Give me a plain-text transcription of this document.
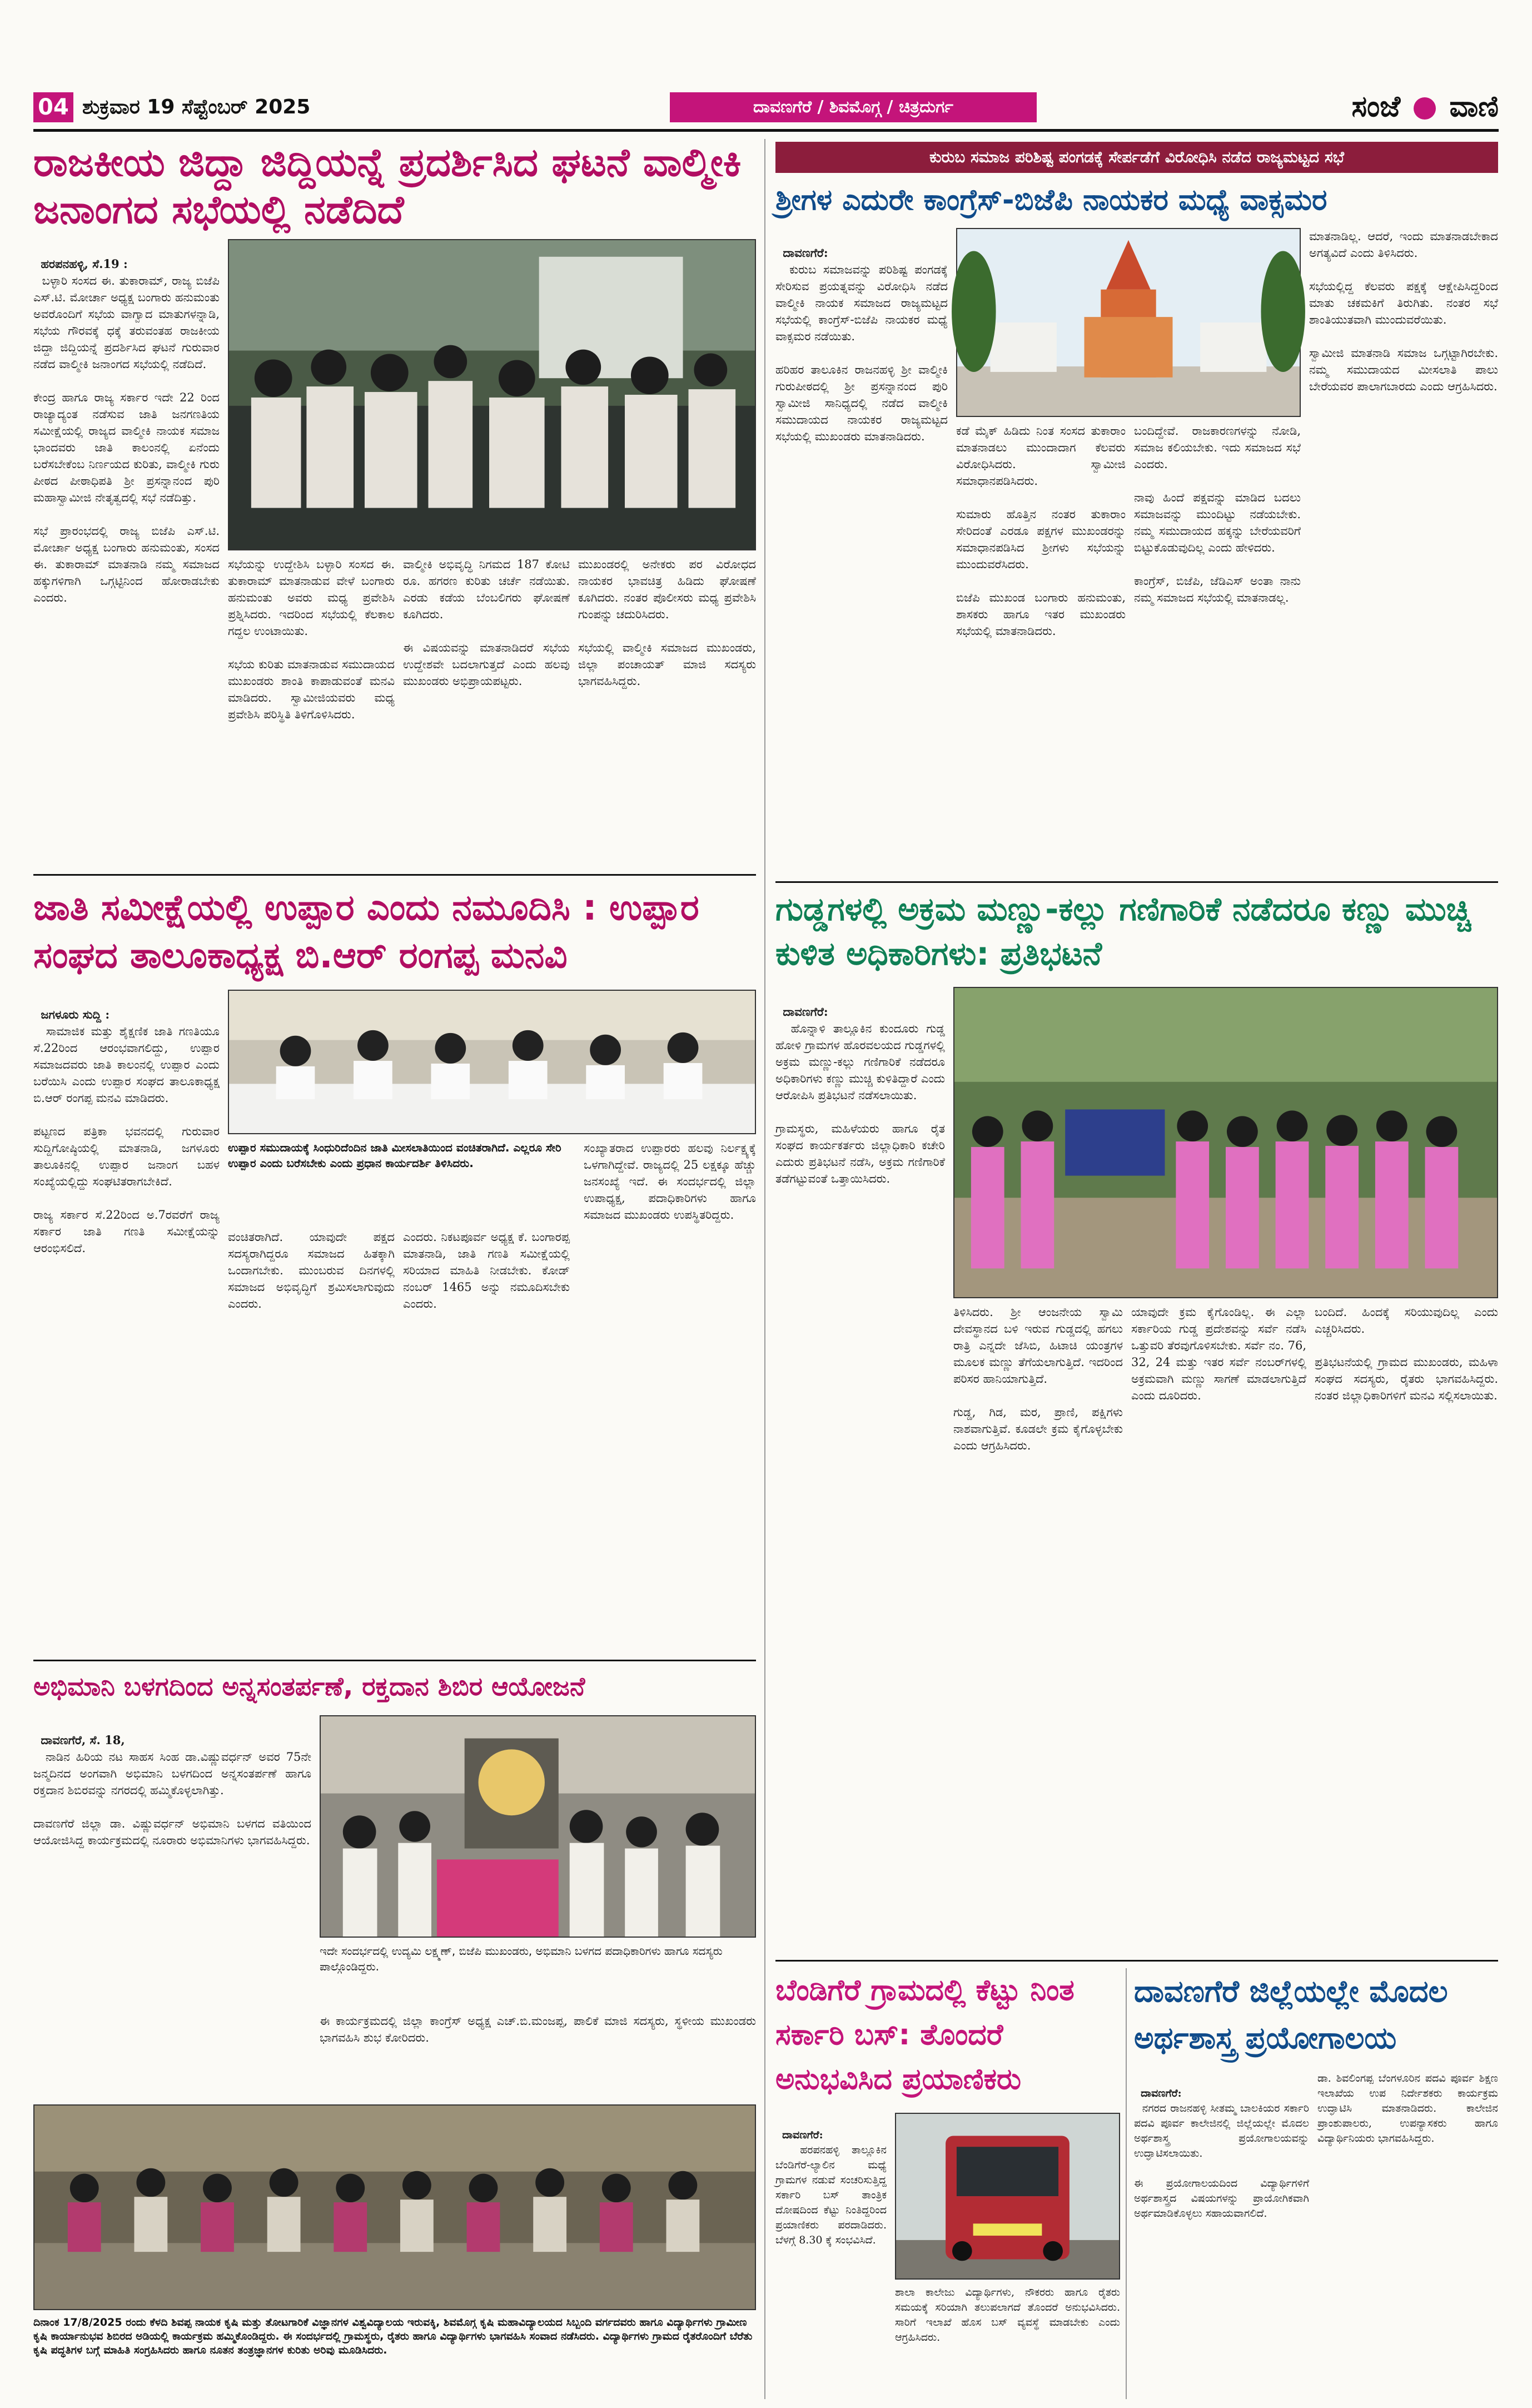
04 ಶುಕ್ರವಾರ 19 ಸೆಪ್ಟೆಂಬರ್ 2025	ದಾವಣಗೆರೆ / ಶಿವಮೊಗ್ಗ / ಚಿತ್ರದುರ್ಗ	ಸಂಜೆ ವಾಣಿ
ರಾಜಕೀಯ ಜಿದ್ದಾ ಜಿದ್ದಿಯನ್ನೆ ಪ್ರದರ್ಶಿಸಿದ ಘಟನೆ ವಾಲ್ಮೀಕಿ ಜನಾಂಗದ ಸಭೆಯಲ್ಲಿ ನಡೆದಿದೆ

ಹರಪನಹಳ್ಳಿ, ಸೆ.19 :
ಬಳ್ಳಾರಿ ಸಂಸದ ಈ. ತುಕಾರಾಮ್, ರಾಜ್ಯ ಬಿಜೆಪಿ ಎಸ್.ಟಿ. ಮೋರ್ಚಾ ಅಧ್ಯಕ್ಷ ಬಂಗಾರು ಹನುಮಂತು ಅವರೊಂದಿಗೆ ಸಭೆಯ ವಾಗ್ವಾದ ಮಾತುಗಳನ್ನಾಡಿ, ಸಭೆಯ ಗೌರವಕ್ಕೆ ಧಕ್ಕೆ ತರುವಂತಹ ರಾಜಕೀಯ ಜಿದ್ದಾ ಜಿದ್ದಿಯನ್ನೆ ಪ್ರದರ್ಶಿಸಿದ ಘಟನೆ ಗುರುವಾರ ನಡೆದ ವಾಲ್ಮೀಕಿ ಜನಾಂಗದ ಸಭೆಯಲ್ಲಿ ನಡೆದಿದೆ.

ಕೇಂದ್ರ ಹಾಗೂ ರಾಜ್ಯ ಸರ್ಕಾರ ಇದೇ 22 ರಿಂದ ರಾಜ್ಯಾದ್ಯಂತ ನಡೆಸುವ ಜಾತಿ ಜನಗಣತಿಯ ಸಮೀಕ್ಷೆಯಲ್ಲಿ ರಾಜ್ಯದ ವಾಲ್ಮೀಕಿ ನಾಯಕ ಸಮಾಜ ಭಾಂದವರು ಜಾತಿ ಕಾಲಂನಲ್ಲಿ ಏನೆಂದು ಬರೆಸಬೇಕೆಂಬ ನಿರ್ಣಯದ ಕುರಿತು, ವಾಲ್ಮೀಕಿ ಗುರು ಪೀಠದ ಪೀಠಾಧಿಪತಿ ಶ್ರೀ ಪ್ರಸನ್ನಾನಂದ ಪುರಿ ಮಹಾಸ್ವಾಮೀಜಿ ನೇತೃತ್ವದಲ್ಲಿ ಸಭೆ ನಡೆದಿತ್ತು.

ಸಭೆ ಪ್ರಾರಂಭದಲ್ಲಿ ರಾಜ್ಯ ಬಿಜೆಪಿ ಎಸ್.ಟಿ. ಮೋರ್ಚಾ ಅಧ್ಯಕ್ಷ ಬಂಗಾರು ಹನುಮಂತು, ಸಂಸದ ಈ. ತುಕಾರಾಮ್ ಮಾತನಾಡಿ ನಮ್ಮ ಸಮಾಜದ ಹಕ್ಕುಗಳಿಗಾಗಿ ಒಗ್ಗಟ್ಟಿನಿಂದ ಹೋರಾಡಬೇಕು ಎಂದರು.

ಸಭೆಯನ್ನು ಉದ್ದೇಶಿಸಿ ಬಳ್ಳಾರಿ ಸಂಸದ ಈ. ತುಕಾರಾಮ್ ಮಾತನಾಡುವ ವೇಳೆ ಬಂಗಾರು ಹನುಮಂತು ಅವರು ಮಧ್ಯ ಪ್ರವೇಶಿಸಿ ಪ್ರಶ್ನಿಸಿದರು. ಇದರಿಂದ ಸಭೆಯಲ್ಲಿ ಕೆಲಕಾಲ ಗದ್ದಲ ಉಂಟಾಯಿತು.

ಸಭೆಯ ಕುರಿತು ಮಾತನಾಡುವ ಸಮುದಾಯದ ಮುಖಂಡರು ಶಾಂತಿ ಕಾಪಾಡುವಂತೆ ಮನವಿ ಮಾಡಿದರು. ಸ್ವಾಮೀಜಿಯವರು ಮಧ್ಯ ಪ್ರವೇಶಿಸಿ ಪರಿಸ್ಥಿತಿ ತಿಳಿಗೊಳಿಸಿದರು.
ವಾಲ್ಮೀಕಿ ಅಭಿವೃದ್ಧಿ ನಿಗಮದ 187 ಕೋಟಿ ರೂ. ಹಗರಣ ಕುರಿತು ಚರ್ಚೆ ನಡೆಯಿತು. ಎರಡು ಕಡೆಯ ಬೆಂಬಲಿಗರು ಘೋಷಣೆ ಕೂಗಿದರು.

ಈ ವಿಷಯವನ್ನು ಮಾತನಾಡಿದರೆ ಸಭೆಯ ಉದ್ದೇಶವೇ ಬದಲಾಗುತ್ತದೆ ಎಂದು ಹಲವು ಮುಖಂಡರು ಅಭಿಪ್ರಾಯಪಟ್ಟರು.
ಮುಖಂಡರಲ್ಲಿ ಅನೇಕರು ಪರ ವಿರೋಧದ ನಾಯಕರ ಭಾವಚಿತ್ರ ಹಿಡಿದು ಘೋಷಣೆ ಕೂಗಿದರು. ನಂತರ ಪೊಲೀಸರು ಮಧ್ಯ ಪ್ರವೇಶಿಸಿ ಗುಂಪನ್ನು ಚದುರಿಸಿದರು.

ಸಭೆಯಲ್ಲಿ ವಾಲ್ಮೀಕಿ ಸಮಾಜದ ಮುಖಂಡರು, ಜಿಲ್ಲಾ ಪಂಚಾಯತ್ ಮಾಜಿ ಸದಸ್ಯರು ಭಾಗವಹಿಸಿದ್ದರು.
ಜಾತಿ ಸಮೀಕ್ಷೆಯಲ್ಲಿ ಉಪ್ಪಾರ ಎಂದು ನಮೂದಿಸಿ : ಉಪ್ಪಾರ ಸಂಘದ ತಾಲೂಕಾಧ್ಯಕ್ಷ ಬಿ.ಆರ್ ರಂಗಪ್ಪ ಮನವಿ

ಜಗಳೂರು ಸುದ್ದಿ :
ಸಾಮಾಜಿಕ ಮತ್ತು ಶೈಕ್ಷಣಿಕ ಜಾತಿ ಗಣತಿಯೂ ಸೆ.22ರಿಂದ ಆರಂಭವಾಗಲಿದ್ದು, ಉಪ್ಪಾರ ಸಮಾಜದವರು ಜಾತಿ ಕಾಲಂನಲ್ಲಿ ಉಪ್ಪಾರ ಎಂದು ಬರೆಯಿಸಿ ಎಂದು ಉಪ್ಪಾರ ಸಂಘದ ತಾಲೂಕಾಧ್ಯಕ್ಷ ಬಿ.ಆರ್ ರಂಗಪ್ಪ ಮನವಿ ಮಾಡಿದರು.

ಪಟ್ಟಣದ ಪತ್ರಿಕಾ ಭವನದಲ್ಲಿ ಗುರುವಾರ ಸುದ್ದಿಗೋಷ್ಠಿಯಲ್ಲಿ ಮಾತನಾಡಿ, ಜಗಳೂರು ತಾಲೂಕಿನಲ್ಲಿ ಉಪ್ಪಾರ ಜನಾಂಗ ಬಹಳ ಸಂಖ್ಯೆಯಲ್ಲಿದ್ದು ಸಂಘಟಿತರಾಗಬೇಕಿದೆ.

ರಾಜ್ಯ ಸರ್ಕಾರ ಸೆ.22ರಿಂದ ಅ.7ರವರೆಗೆ ರಾಜ್ಯ ಸರ್ಕಾರ ಜಾತಿ ಗಣತಿ ಸಮೀಕ್ಷೆಯನ್ನು ಆರಂಭಿಸಲಿದೆ.

ಉಪ್ಪಾರ ಸಮುದಾಯಕ್ಕೆ ಸಿಂಧುರಿದೆಂದಿನ ಜಾತಿ ಮೀಸಲಾತಿಯಿಂದ ವಂಚಿತರಾಗಿದೆ. ಎಲ್ಲರೂ ಸೇರಿ ಉಪ್ಪಾರ ಎಂದು ಬರೆಸಬೇಕು ಎಂದು ಪ್ರಧಾನ ಕಾರ್ಯದರ್ಶಿ ತಿಳಿಸಿದರು.
ವಂಚಿತರಾಗಿದೆ. ಯಾವುದೇ ಪಕ್ಷದ ಸದಸ್ಯರಾಗಿದ್ದರೂ ಸಮಾಜದ ಹಿತಕ್ಕಾಗಿ ಒಂದಾಗಬೇಕು. ಮುಂಬರುವ ದಿನಗಳಲ್ಲಿ ಸಮಾಜದ ಅಭಿವೃದ್ಧಿಗೆ ಶ್ರಮಿಸಲಾಗುವುದು ಎಂದರು.
ಎಂದರು. ನಿಕಟಪೂರ್ವ ಅಧ್ಯಕ್ಷ ಕೆ. ಬಂಗಾರಪ್ಪ ಮಾತನಾಡಿ, ಜಾತಿ ಗಣತಿ ಸಮೀಕ್ಷೆಯಲ್ಲಿ ಸರಿಯಾದ ಮಾಹಿತಿ ನೀಡಬೇಕು. ಕೋಡ್ ನಂಬರ್ 1465 ಅನ್ನು ನಮೂದಿಸಬೇಕು ಎಂದರು.
ಸಂಖ್ಯಾತರಾದ ಉಪ್ಪಾರರು ಹಲವು ನಿರ್ಲಕ್ಷ್ಯಕ್ಕೆ ಒಳಗಾಗಿದ್ದೇವೆ. ರಾಜ್ಯದಲ್ಲಿ 25 ಲಕ್ಷಕ್ಕೂ ಹೆಚ್ಚು ಜನಸಂಖ್ಯೆ ಇದೆ. ಈ ಸಂದರ್ಭದಲ್ಲಿ ಜಿಲ್ಲಾ ಉಪಾಧ್ಯಕ್ಷ, ಪದಾಧಿಕಾರಿಗಳು ಹಾಗೂ ಸಮಾಜದ ಮುಖಂಡರು ಉಪಸ್ಥಿತರಿದ್ದರು.
ಅಭಿಮಾನಿ ಬಳಗದಿಂದ ಅನ್ನಸಂತರ್ಪಣೆ, ರಕ್ತದಾನ ಶಿಬಿರ ಆಯೋಜನೆ

ದಾವಣಗೆರೆ, ಸೆ. 18,
ನಾಡಿನ ಹಿರಿಯ ನಟ ಸಾಹಸ ಸಿಂಹ ಡಾ.ವಿಷ್ಣುವರ್ಧನ್ ಅವರ 75ನೇ ಜನ್ಮದಿನದ ಅಂಗವಾಗಿ ಅಭಿಮಾನಿ ಬಳಗದಿಂದ ಅನ್ನಸಂತರ್ಪಣೆ ಹಾಗೂ ರಕ್ತದಾನ ಶಿಬಿರವನ್ನು ನಗರದಲ್ಲಿ ಹಮ್ಮಿಕೊಳ್ಳಲಾಗಿತ್ತು.

ದಾವಣಗೆರೆ ಜಿಲ್ಲಾ ಡಾ. ವಿಷ್ಣುವರ್ಧನ್ ಅಭಿಮಾನಿ ಬಳಗದ ವತಿಯಿಂದ ಆಯೋಜಿಸಿದ್ದ ಕಾರ್ಯಕ್ರಮದಲ್ಲಿ ನೂರಾರು ಅಭಿಮಾನಿಗಳು ಭಾಗವಹಿಸಿದ್ದರು.

ಇದೇ ಸಂದರ್ಭದಲ್ಲಿ ಉದ್ಯಮಿ ಲಕ್ಷ್ಮಣ್, ಬಿಜೆಪಿ ಮುಖಂಡರು, ಅಭಿಮಾನಿ ಬಳಗದ ಪದಾಧಿಕಾರಿಗಳು ಹಾಗೂ ಸದಸ್ಯರು ಪಾಲ್ಗೊಂಡಿದ್ದರು.
ಈ ಕಾರ್ಯಕ್ರಮದಲ್ಲಿ ಜಿಲ್ಲಾ ಕಾಂಗ್ರೆಸ್ ಅಧ್ಯಕ್ಷ ಎಚ್.ಬಿ.ಮಂಜಪ್ಪ, ಪಾಲಿಕೆ ಮಾಜಿ ಸದಸ್ಯರು, ಸ್ಥಳೀಯ ಮುಖಂಡರು ಭಾಗವಹಿಸಿ ಶುಭ ಕೋರಿದರು.
ದಿನಾಂಕ 17/8/2025 ರಂದು ಕೆಳದಿ ಶಿವಪ್ಪ ನಾಯಕ ಕೃಷಿ ಮತ್ತು ತೋಟಗಾರಿಕೆ ವಿಜ್ಞಾನಗಳ ವಿಶ್ವವಿದ್ಯಾಲಯ ಇರುವಕ್ಕಿ, ಶಿವಮೊಗ್ಗ ಕೃಷಿ ಮಹಾವಿದ್ಯಾಲಯದ ಸಿಬ್ಬಂದಿ ವರ್ಗದವರು ಹಾಗೂ ವಿದ್ಯಾರ್ಥಿಗಳು ಗ್ರಾಮೀಣ ಕೃಷಿ ಕಾರ್ಯಾನುಭವ ಶಿಬಿರದ ಅಡಿಯಲ್ಲಿ ಕಾರ್ಯಕ್ರಮ ಹಮ್ಮಿಕೊಂಡಿದ್ದರು. ಈ ಸಂದರ್ಭದಲ್ಲಿ ಗ್ರಾಮಸ್ಥರು, ರೈತರು ಹಾಗೂ ವಿದ್ಯಾರ್ಥಿಗಳು ಭಾಗವಹಿಸಿ ಸಂವಾದ ನಡೆಸಿದರು. ವಿದ್ಯಾರ್ಥಿಗಳು ಗ್ರಾಮದ ರೈತರೊಂದಿಗೆ ಬೆರೆತು ಕೃಷಿ ಪದ್ಧತಿಗಳ ಬಗ್ಗೆ ಮಾಹಿತಿ ಸಂಗ್ರಹಿಸಿದರು ಹಾಗೂ ನೂತನ ತಂತ್ರಜ್ಞಾನಗಳ ಕುರಿತು ಅರಿವು ಮೂಡಿಸಿದರು.
ಕುರುಬ ಸಮಾಜ ಪರಿಶಿಷ್ಟ ಪಂಗಡಕ್ಕೆ ಸೇರ್ಪಡೆಗೆ ವಿರೋಧಿಸಿ ನಡೆದ ರಾಜ್ಯಮಟ್ಟದ ಸಭೆ
ಶ್ರೀಗಳ ಎದುರೇ ಕಾಂಗ್ರೆಸ್-ಬಿಜೆಪಿ ನಾಯಕರ ಮಧ್ಯೆ ವಾಕ್ಸಮರ

ದಾವಣಗೆರೆ:
ಕುರುಬ ಸಮಾಜವನ್ನು ಪರಿಶಿಷ್ಟ ಪಂಗಡಕ್ಕೆ ಸೇರಿಸುವ ಪ್ರಯತ್ನವನ್ನು ವಿರೋಧಿಸಿ ನಡೆದ ವಾಲ್ಮೀಕಿ ನಾಯಕ ಸಮಾಜದ ರಾಜ್ಯಮಟ್ಟದ ಸಭೆಯಲ್ಲಿ ಕಾಂಗ್ರೆಸ್-ಬಿಜೆಪಿ ನಾಯಕರ ಮಧ್ಯೆ ವಾಕ್ಸಮರ ನಡೆಯಿತು.

ಹರಿಹರ ತಾಲೂಕಿನ ರಾಜನಹಳ್ಳಿ ಶ್ರೀ ವಾಲ್ಮೀಕಿ ಗುರುಪೀಠದಲ್ಲಿ ಶ್ರೀ ಪ್ರಸನ್ನಾನಂದ ಪುರಿ ಸ್ವಾಮೀಜಿ ಸಾನಿಧ್ಯದಲ್ಲಿ ನಡೆದ ವಾಲ್ಮೀಕಿ ಸಮುದಾಯದ ನಾಯಕರ ರಾಜ್ಯಮಟ್ಟದ ಸಭೆಯಲ್ಲಿ ಮುಖಂಡರು ಮಾತನಾಡಿದರು.	ಕಡೆ ಮೈಕ್ ಹಿಡಿದು ನಿಂತ ಸಂಸದ ತುಕಾರಾಂ ಮಾತನಾಡಲು ಮುಂದಾದಾಗ ಕೆಲವರು ವಿರೋಧಿಸಿದರು. ಸ್ವಾಮೀಜಿ ಸಮಾಧಾನಪಡಿಸಿದರು.

ಸುಮಾರು ಹೊತ್ತಿನ ನಂತರ ತುಕಾರಾಂ ಸೇರಿದಂತೆ ಎರಡೂ ಪಕ್ಷಗಳ ಮುಖಂಡರನ್ನು ಸಮಾಧಾನಪಡಿಸಿದ ಶ್ರೀಗಳು ಸಭೆಯನ್ನು ಮುಂದುವರೆಸಿದರು.

ಬಿಜೆಪಿ ಮುಖಂಡ ಬಂಗಾರು ಹನುಮಂತು, ಶಾಸಕರು ಹಾಗೂ ಇತರ ಮುಖಂಡರು ಸಭೆಯಲ್ಲಿ ಮಾತನಾಡಿದರು.
ಬಂದಿದ್ದೇವೆ. ರಾಜಕಾರಣಗಳನ್ನು ನೋಡಿ, ಸಮಾಜ ಕಲಿಯಬೇಕು. ಇದು ಸಮಾಜದ ಸಭೆ ಎಂದರು.

ನಾವು ಹಿಂದೆ ಪಕ್ಷವನ್ನು ಮಾಡಿದ ಬದಲು ಸಮಾಜವನ್ನು ಮುಂದಿಟ್ಟು ನಡೆಯಬೇಕು. ನಮ್ಮ ಸಮುದಾಯದ ಹಕ್ಕನ್ನು ಬೇರೆಯವರಿಗೆ ಬಿಟ್ಟುಕೊಡುವುದಿಲ್ಲ ಎಂದು ಹೇಳಿದರು.

ಕಾಂಗ್ರೆಸ್, ಬಿಜೆಪಿ, ಜೆಡಿಎಸ್ ಅಂತಾ ನಾನು ನಮ್ಮ ಸಮಾಜದ ಸಭೆಯಲ್ಲಿ ಮಾತನಾಡಲ್ಲ.
ಮಾತನಾಡಿಲ್ಲ. ಆದರೆ, ಇಂದು ಮಾತನಾಡಬೇಕಾದ ಅಗತ್ಯವಿದೆ ಎಂದು ತಿಳಿಸಿದರು.

ಸಭೆಯಲ್ಲಿದ್ದ ಕೆಲವರು ಪಕ್ಷಕ್ಕೆ ಆಕ್ಷೇಪಿಸಿದ್ದರಿಂದ ಮಾತು ಚಕಮಕಿಗೆ ತಿರುಗಿತು. ನಂತರ ಸಭೆ ಶಾಂತಿಯುತವಾಗಿ ಮುಂದುವರೆಯಿತು.

ಸ್ವಾಮೀಜಿ ಮಾತನಾಡಿ ಸಮಾಜ ಒಗ್ಗಟ್ಟಾಗಿರಬೇಕು. ನಮ್ಮ ಸಮುದಾಯದ ಮೀಸಲಾತಿ ಪಾಲು ಬೇರೆಯವರ ಪಾಲಾಗಬಾರದು ಎಂದು ಆಗ್ರಹಿಸಿದರು.
ಗುಡ್ಡಗಳಲ್ಲಿ ಅಕ್ರಮ ಮಣ್ಣು-ಕಲ್ಲು ಗಣಿಗಾರಿಕೆ ನಡೆದರೂ ಕಣ್ಣು ಮುಚ್ಚಿ ಕುಳಿತ ಅಧಿಕಾರಿಗಳು: ಪ್ರತಿಭಟನೆ

ದಾವಣಗೆರೆ:
ಹೊನ್ನಾಳಿ ತಾಲ್ಲೂಕಿನ ಕುಂದೂರು ಗುಡ್ಡ ಹೋಳಿ ಗ್ರಾಮಗಳ ಹೊರವಲಯದ ಗುಡ್ಡಗಳಲ್ಲಿ ಅಕ್ರಮ ಮಣ್ಣು-ಕಲ್ಲು ಗಣಿಗಾರಿಕೆ ನಡೆದರೂ ಅಧಿಕಾರಿಗಳು ಕಣ್ಣು ಮುಚ್ಚಿ ಕುಳಿತಿದ್ದಾರೆ ಎಂದು ಆರೋಪಿಸಿ ಪ್ರತಿಭಟನೆ ನಡೆಸಲಾಯಿತು.

ಗ್ರಾಮಸ್ಥರು, ಮಹಿಳೆಯರು ಹಾಗೂ ರೈತ ಸಂಘದ ಕಾರ್ಯಕರ್ತರು ಜಿಲ್ಲಾಧಿಕಾರಿ ಕಚೇರಿ ಎದುರು ಪ್ರತಿಭಟನೆ ನಡೆಸಿ, ಅಕ್ರಮ ಗಣಿಗಾರಿಕೆ ತಡೆಗಟ್ಟುವಂತೆ ಒತ್ತಾಯಿಸಿದರು.

ತಿಳಿಸಿದರು. ಶ್ರೀ ಆಂಜನೇಯ ಸ್ವಾಮಿ ದೇವಸ್ಥಾನದ ಬಳಿ ಇರುವ ಗುಡ್ಡದಲ್ಲಿ ಹಗಲು ರಾತ್ರಿ ಎನ್ನದೇ ಜೆಸಿಬಿ, ಹಿಟಾಚಿ ಯಂತ್ರಗಳ ಮೂಲಕ ಮಣ್ಣು ತೆಗೆಯಲಾಗುತ್ತಿದೆ. ಇದರಿಂದ ಪರಿಸರ ಹಾನಿಯಾಗುತ್ತಿದೆ.

ಗುಡ್ಡ, ಗಿಡ, ಮರ, ಪ್ರಾಣಿ, ಪಕ್ಷಿಗಳು ನಾಶವಾಗುತ್ತಿವೆ. ಕೂಡಲೇ ಕ್ರಮ ಕೈಗೊಳ್ಳಬೇಕು ಎಂದು ಆಗ್ರಹಿಸಿದರು.
ಯಾವುದೇ ಕ್ರಮ ಕೈಗೊಂಡಿಲ್ಲ. ಈ ಎಲ್ಲಾ ಸರ್ಕಾರಿಯ ಗುಡ್ಡ ಪ್ರದೇಶವನ್ನು ಸರ್ವೆ ನಡೆಸಿ ಒತ್ತುವರಿ ತೆರವುಗೊಳಿಸಬೇಕು. ಸರ್ವೆ ನಂ. 76, 32, 24 ಮತ್ತು ಇತರ ಸರ್ವೆ ನಂಬರ್‌ಗಳಲ್ಲಿ ಅಕ್ರಮವಾಗಿ ಮಣ್ಣು ಸಾಗಣೆ ಮಾಡಲಾಗುತ್ತಿದೆ ಎಂದು ದೂರಿದರು.
ಬಂದಿದೆ. ಹಿಂದಕ್ಕೆ ಸರಿಯುವುದಿಲ್ಲ ಎಂದು ಎಚ್ಚರಿಸಿದರು.

ಪ್ರತಿಭಟನೆಯಲ್ಲಿ ಗ್ರಾಮದ ಮುಖಂಡರು, ಮಹಿಳಾ ಸಂಘದ ಸದಸ್ಯರು, ರೈತರು ಭಾಗವಹಿಸಿದ್ದರು. ನಂತರ ಜಿಲ್ಲಾಧಿಕಾರಿಗಳಿಗೆ ಮನವಿ ಸಲ್ಲಿಸಲಾಯಿತು.
ಬೆಂಡಿಗೆರೆ ಗ್ರಾಮದಲ್ಲಿ ಕೆಟ್ಟು ನಿಂತ ಸರ್ಕಾರಿ ಬಸ್: ತೊಂದರೆ ಅನುಭವಿಸಿದ ಪ್ರಯಾಣಿಕರು

ದಾವಣಗೆರೆ:
ಹರಪನಹಳ್ಳಿ ತಾಲ್ಲೂಕಿನ ಬೆಂಡಿಗೆರೆ-ಲ್ಯಾಲಿನ ಮಧ್ಯೆ ಗ್ರಾಮಗಳ ನಡುವೆ ಸಂಚರಿಸುತ್ತಿದ್ದ ಸರ್ಕಾರಿ ಬಸ್ ತಾಂತ್ರಿಕ ದೋಷದಿಂದ ಕೆಟ್ಟು ನಿಂತಿದ್ದರಿಂದ ಪ್ರಯಾಣಿಕರು ಪರದಾಡಿದರು. ಬೆಳಗ್ಗೆ 8.30 ಕ್ಕೆ ಸಂಭವಿಸಿದೆ.

ಶಾಲಾ ಕಾಲೇಜು ವಿದ್ಯಾರ್ಥಿಗಳು, ನೌಕರರು ಹಾಗೂ ರೈತರು ಸಮಯಕ್ಕೆ ಸರಿಯಾಗಿ ತಲುಪಲಾಗದೆ ತೊಂದರೆ ಅನುಭವಿಸಿದರು. ಸಾರಿಗೆ ಇಲಾಖೆ ಹೊಸ ಬಸ್ ವ್ಯವಸ್ಥೆ ಮಾಡಬೇಕು ಎಂದು ಆಗ್ರಹಿಸಿದರು.
ದಾವಣಗೆರೆ ಜಿಲ್ಲೆಯಲ್ಲೇ ಮೊದಲ ಅರ್ಥಶಾಸ್ತ್ರ ಪ್ರಯೋಗಾಲಯ

ದಾವಣಗೆರೆ:
ನಗರದ ರಾಜನಹಳ್ಳಿ ಸೀತಮ್ಮ ಬಾಲಕಿಯರ ಸರ್ಕಾರಿ ಪದವಿ ಪೂರ್ವ ಕಾಲೇಜಿನಲ್ಲಿ ಜಿಲ್ಲೆಯಲ್ಲೇ ಮೊದಲ ಅರ್ಥಶಾಸ್ತ್ರ ಪ್ರಯೋಗಾಲಯವನ್ನು ಉದ್ಘಾಟಿಸಲಾಯಿತು.

ಈ ಪ್ರಯೋಗಾಲಯದಿಂದ ವಿದ್ಯಾರ್ಥಿಗಳಿಗೆ ಅರ್ಥಶಾಸ್ತ್ರದ ವಿಷಯಗಳನ್ನು ಪ್ರಾಯೋಗಿಕವಾಗಿ ಅರ್ಥಮಾಡಿಕೊಳ್ಳಲು ಸಹಾಯವಾಗಲಿದೆ.

ಡಾ. ಶಿವಲಿಂಗಪ್ಪ ಬೆಂಗಳೂರಿನ ಪದವಿ ಪೂರ್ವ ಶಿಕ್ಷಣ ಇಲಾಖೆಯ ಉಪ ನಿರ್ದೇಶಕರು ಕಾರ್ಯಕ್ರಮ ಉದ್ಘಾಟಿಸಿ ಮಾತನಾಡಿದರು. ಕಾಲೇಜಿನ ಪ್ರಾಂಶುಪಾಲರು, ಉಪನ್ಯಾಸಕರು ಹಾಗೂ ವಿದ್ಯಾರ್ಥಿನಿಯರು ಭಾಗವಹಿಸಿದ್ದರು.
